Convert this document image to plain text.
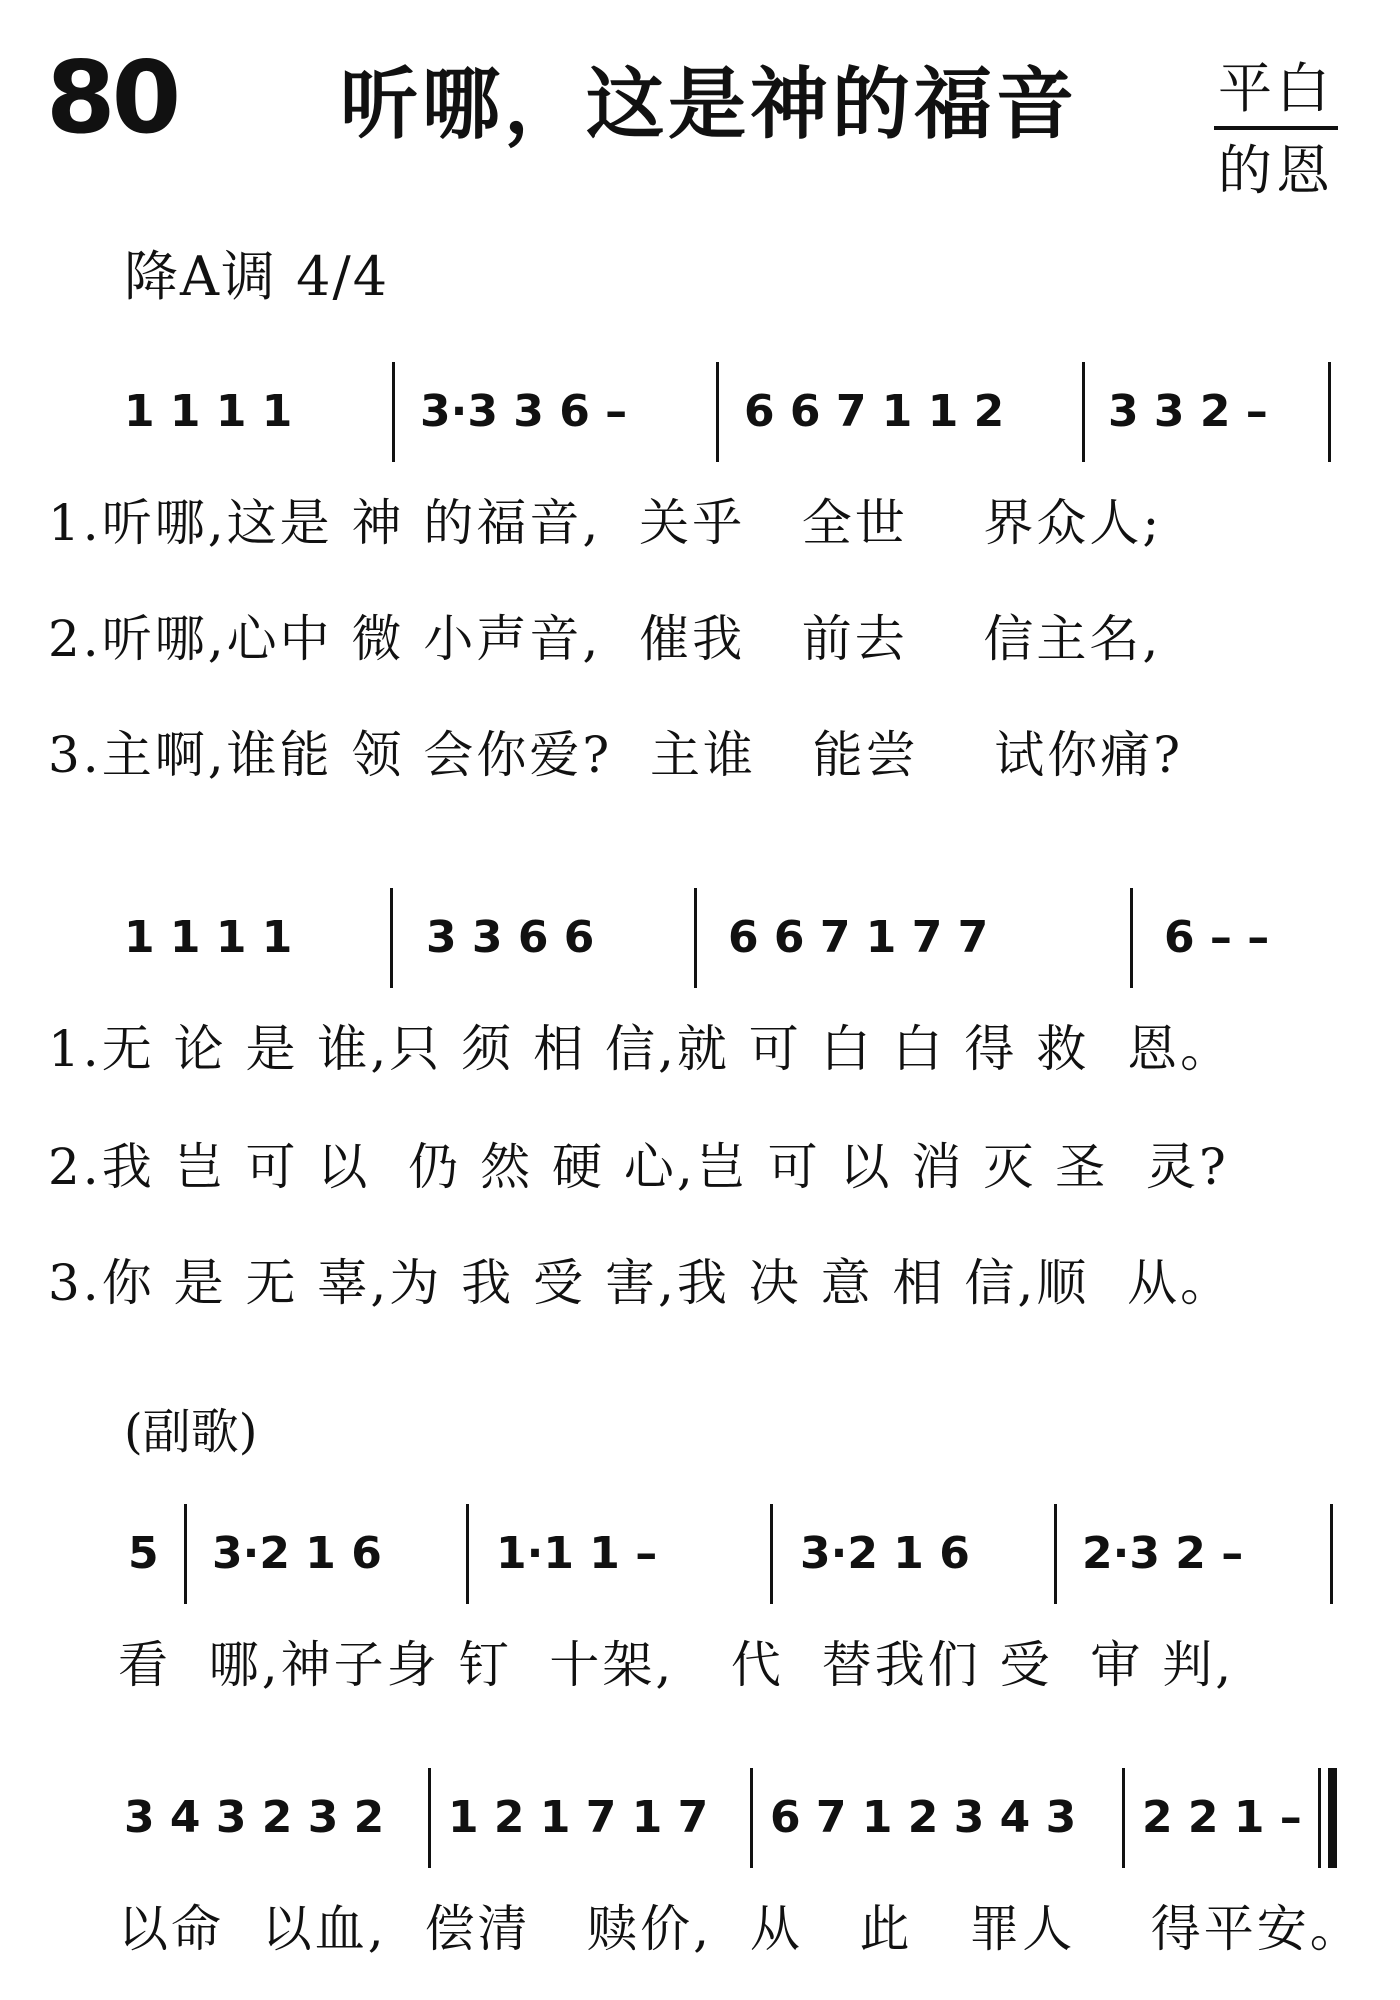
80 听哪，这是神的福音	平白
的恩
降A调 4/4
1 1 1 1	3·3 3 6 –	6 6 7 1 1 2 3 3 2 –
1.听哪,这是 神 的福音,  关乎   全世    界众人;
2.听哪,心中 微 小声音,  催我   前去    信主名,
3.主啊,谁能 领 会你爱?  主谁   能尝    试你痛?
1 1 1 1	3 3 6 6	6 6 7 1 7 7	6 – –
1.无 论 是 谁,只 须 相 信,就 可 白 白 得 救  恩。
2.我 岂 可 以  仍 然 硬 心,岂 可 以 消 灭 圣  灵?
3.你 是 无 辜,为 我 受 害,我 决 意 相 信,顺  从。
(副歌)
5 3·2 1 6	1·1 1 –	3·2 1 6	2·3 2 –
看  哪,神子身 钉  十架,   代  替我们 受  审 判,
3 4 3 2 3 2 1 2 1 7 1 7 6 7 1 2 3 4 3 2 2 1 –
以命  以血,  偿清   赎价,  从   此   罪人    得平安。
